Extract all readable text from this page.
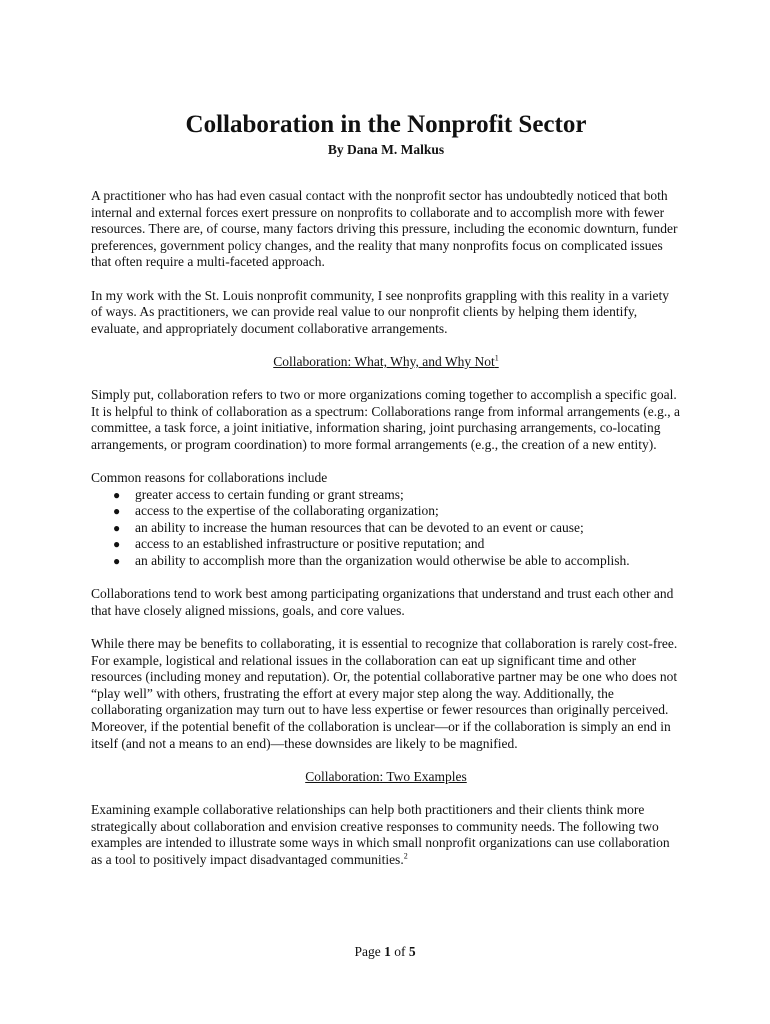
Collaboration in the Nonprofit Sector
By Dana M. Malkus

A practitioner who has had even casual contact with the nonprofit sector has undoubtedly noticed that both internal and external forces exert pressure on nonprofits to collaborate and to accomplish more with fewer resources. There are, of course, many factors driving this pressure, including the economic downturn, funder preferences, government policy changes, and the reality that many nonprofits focus on complicated issues that often require a multi-faceted approach.

In my work with the St. Louis nonprofit community, I see nonprofits grappling with this reality in a variety of ways. As practitioners, we can provide real value to our nonprofit clients by helping them identify, evaluate, and appropriately document collaborative arrangements.

Collaboration: What, Why, and Why Not$^1$

Simply put, collaboration refers to two or more organizations coming together to accomplish a specific goal. It is helpful to think of collaboration as a spectrum: Collaborations range from informal arrangements (e.g., a committee, a task force, a joint initiative, information sharing, joint purchasing arrangements, co-locating arrangements, or program coordination) to more formal arrangements (e.g., the creation of a new entity).

Common reasons for collaborations include

● greater access to certain funding or grant streams;
● access to the expertise of the collaborating organization;
● an ability to increase the human resources that can be devoted to an event or cause;
● access to an established infrastructure or positive reputation; and
● an ability to accomplish more than the organization would otherwise be able to accomplish.

Collaborations tend to work best among participating organizations that understand and trust each other and that have closely aligned missions, goals, and core values.

While there may be benefits to collaborating, it is essential to recognize that collaboration is rarely cost-free. For example, logistical and relational issues in the collaboration can eat up significant time and other resources (including money and reputation). Or, the potential collaborative partner may be one who does not “play well” with others, frustrating the effort at every major step along the way. Additionally, the collaborating organization may turn out to have less expertise or fewer resources than originally perceived. Moreover, if the potential benefit of the collaboration is unclear—or if the collaboration is simply an end in itself (and not a means to an end)—these downsides are likely to be magnified.

Collaboration: Two Examples

Examining example collaborative relationships can help both practitioners and their clients think more strategically about collaboration and envision creative responses to community needs. The following two examples are intended to illustrate some ways in which small nonprofit organizations can use collaboration as a tool to positively impact disadvantaged communities.$^2$

Page 1 of 5
